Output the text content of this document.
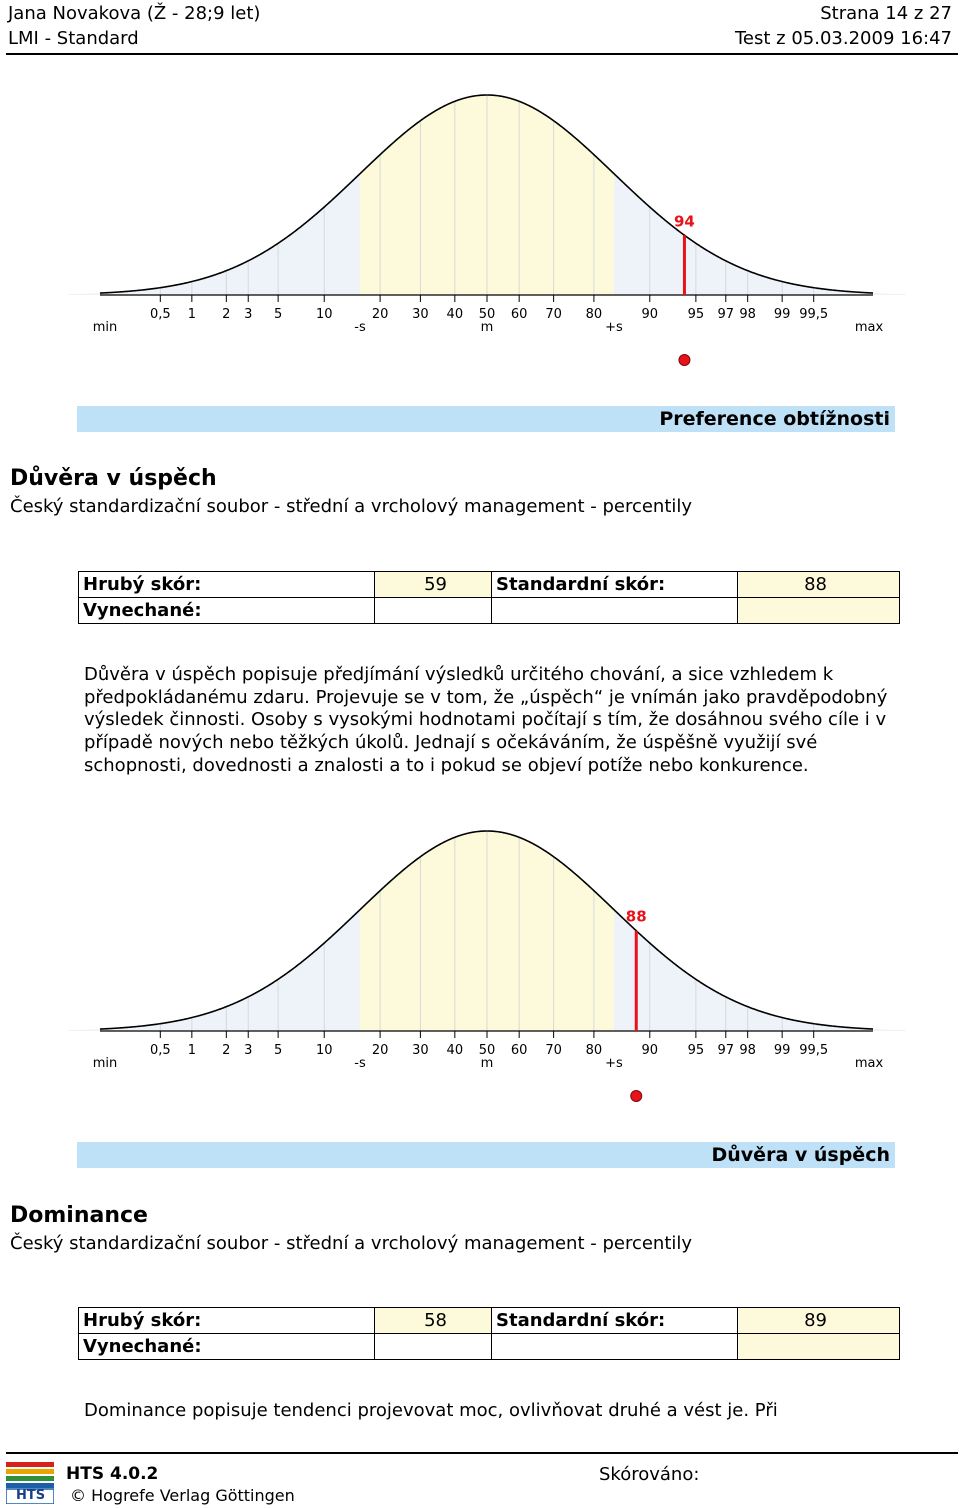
Jana Novakova (Ž - 28;9 let)	Strana 14 z 27
LMI - Standard	Test z 05.03.2009 16:47
0,5 1 2 3 5	10	20 30 40 50 60 70 80	90 95 97 98 99 99,5
min	-s	m	+s	max
94
Preference obtížnosti
Důvěra v úspěch
Český standardizační soubor - střední a vrcholový management - percentily
Hrubý skór:	59	Standardní skór:	88
Vynechané:			
Důvěra v úspěch popisuje předjímání výsledků určitého chování, a sice vzhledem k předpokládanému zdaru. Projevuje se v tom, že „úspěch“ je vnímán jako pravděpodobný výsledek činnosti. Osoby s vysokými hodnotami počítají s tím, že dosáhnou svého cíle i v případě nových nebo těžkých úkolů. Jednají s očekáváním, že úspěšně využijí své schopnosti, dovednosti a znalosti a to i pokud se objeví potíže nebo konkurence.
0,5 1 2 3 5	10	20 30 40 50 60 70 80	90 95 97 98 99 99,5
min	-s	m	+s	max
88
Důvěra v úspěch
Dominance
Český standardizační soubor - střední a vrcholový management - percentily
Hrubý skór:	58	Standardní skór:	89
Vynechané:			
Dominance popisuje tendenci projevovat moc, ovlivňovat druhé a vést je. Při
HTS
HTS 4.0.2
© Hogrefe Verlag Göttingen
Skórováno:
